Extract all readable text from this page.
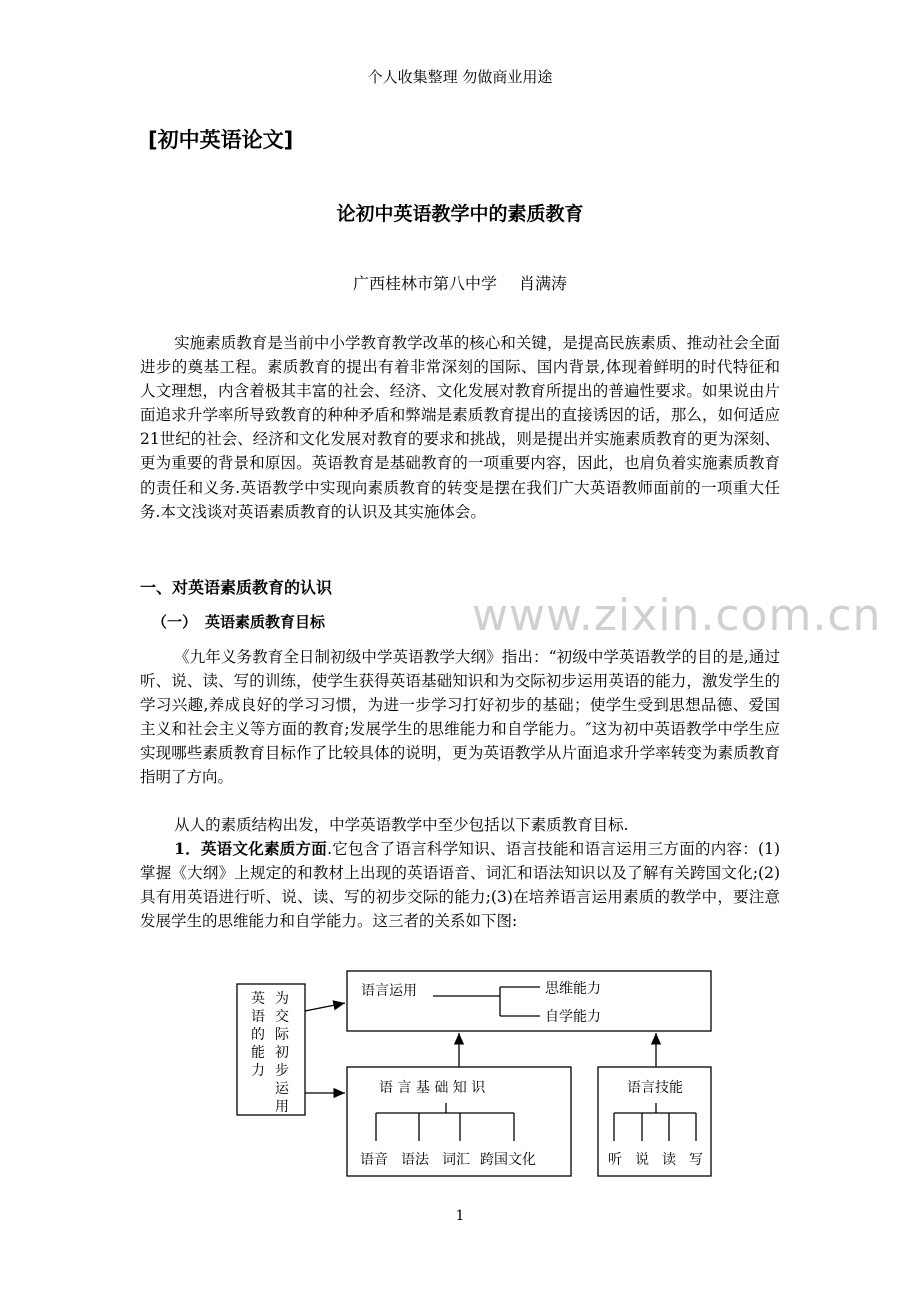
个人收集整理 勿做商业用途
[初中英语论文]
论初中英语教学中的素质教育
广西桂林市第八中学 肖满涛

实施素质教育是当前中小学教育教学改革的核心和关键，是提高民族素质、推动社会全面进步的奠基工程。素质教育的提出有着非常深刻的国际、国内背景,体现着鲜明的时代特征和人文理想，内含着极其丰富的社会、经济、文化发展对教育所提出的普遍性要求。如果说由片面追求升学率所导致教育的种种矛盾和弊端是素质教育提出的直接诱因的话，那么，如何适应21世纪的社会、经济和文化发展对教育的要求和挑战，则是提出并实施素质教育的更为深刻、更为重要的背景和原因。英语教育是基础教育的一项重要内容，因此，也肩负着实施素质教育的责任和义务.英语教学中实现向素质教育的转变是摆在我们广大英语教师面前的一项重大任务.本文浅谈对英语素质教育的认识及其实施体会。

一、对英语素质教育的认识
（一） 英语素质教育目标	www.zixin.com.cn

《九年义务教育全日制初级中学英语教学大纲》指出：“初级中学英语教学的目的是,通过听、说、读、写的训练，使学生获得英语基础知识和为交际初步运用英语的能力，激发学生的学习兴趣,养成良好的学习习惯，为进一步学习打好初步的基础；使学生受到思想品德、爱国主义和社会主义等方面的教育;发展学生的思维能力和自学能力。″这为初中英语教学中学生应实现哪些素质教育目标作了比较具体的说明，更为英语教学从片面追求升学率转变为素质教育指明了方向。

从人的素质结构出发，中学英语教学中至少包括以下素质教育目标.

1．英语文化素质方面.它包含了语言科学知识、语言技能和语言运用三方面的内容：(1)掌握《大纲》上规定的和教材上出现的英语语音、词汇和语法知识以及了解有关跨国文化;(2)具有用英语进行听、说、读、写的初步交际的能力;(3)在培养语言运用素质的教学中，要注意发展学生的思维能力和自学能力。这三者的关系如下图:

英
语
的
能
力
为
交
际
初
步
运
用
语言运用	思维能力
自学能力
语 言 基 础 知 识
语音 语法 词汇 跨国文化
语言技能
听 说 读 写
1
